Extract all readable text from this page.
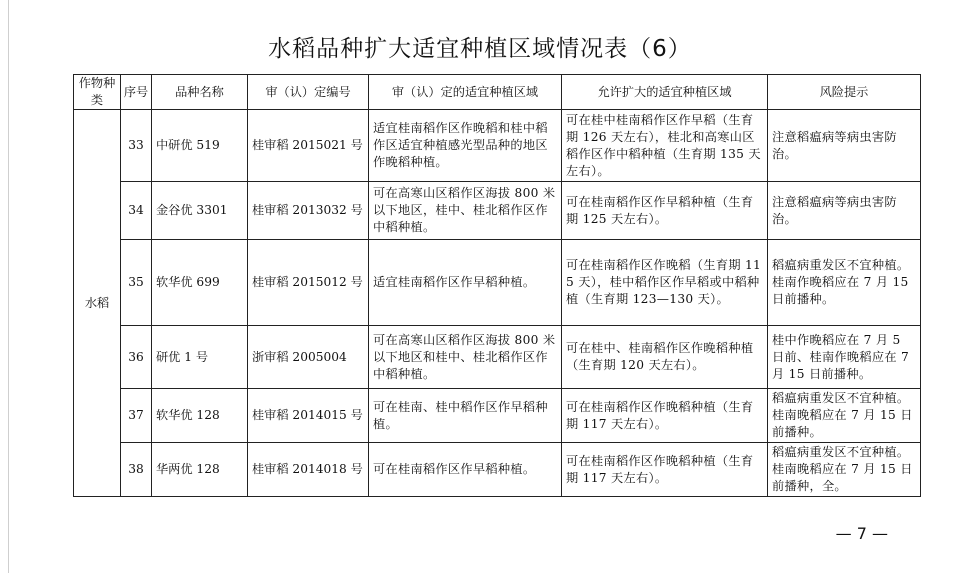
水稻品种扩大适宜种植区域情况表（6）
作物种类	序号	品种名称	审（认）定编号	审（认）定的适宜种植区域	允许扩大的适宜种植区域	风险提示
水稻	33	中研优 519	桂审稻 2015021 号	适宜桂南稻作区作晚稻和桂中稻作区适宜种植感光型品种的地区作晚稻种植。	可在桂中桂南稻作区作早稻（生育期 126 天左右），桂北和高寒山区稻作区作中稻种植（生育期 135 天左右）。	注意稻瘟病等病虫害防治。
	34	金谷优 3301	桂审稻 2013032 号	可在高寒山区稻作区海拔 800 米以下地区，桂中、桂北稻作区作中稻种植。	可在桂南稻作区作早稻种植（生育期 125 天左右）。	注意稻瘟病等病虫害防治。
	35	软华优 699	桂审稻 2015012 号	适宜桂南稻作区作早稻种植。	可在桂南稻作区作晚稻（生育期 115 天），桂中稻作区作早稻或中稻种植（生育期 123—130 天）。	稻瘟病重发区不宜种植。桂南作晚稻应在 7 月 15 日前播种。
	36	研优 1 号	浙审稻 2005004	可在高寒山区稻作区海拔 800 米以下地区和桂中、桂北稻作区作中稻种植。	可在桂中、桂南稻作区作晚稻种植（生育期 120 天左右）。	桂中作晚稻应在 7 月 5 日前、桂南作晚稻应在 7 月 15 日前播种。
	37	软华优 128	桂审稻 2014015 号	可在桂南、桂中稻作区作早稻种植。	可在桂南稻作区作晚稻种植（生育期 117 天左右）。	稻瘟病重发区不宜种植。桂南晚稻应在 7 月 15 日前播种。
	38	华两优 128	桂审稻 2014018 号	可在桂南稻作区作早稻种植。	可在桂南稻作区作晚稻种植（生育期 117 天左右）。	稻瘟病重发区不宜种植。桂南晚稻应在 7 月 15 日前播种，全。
— 7 —
